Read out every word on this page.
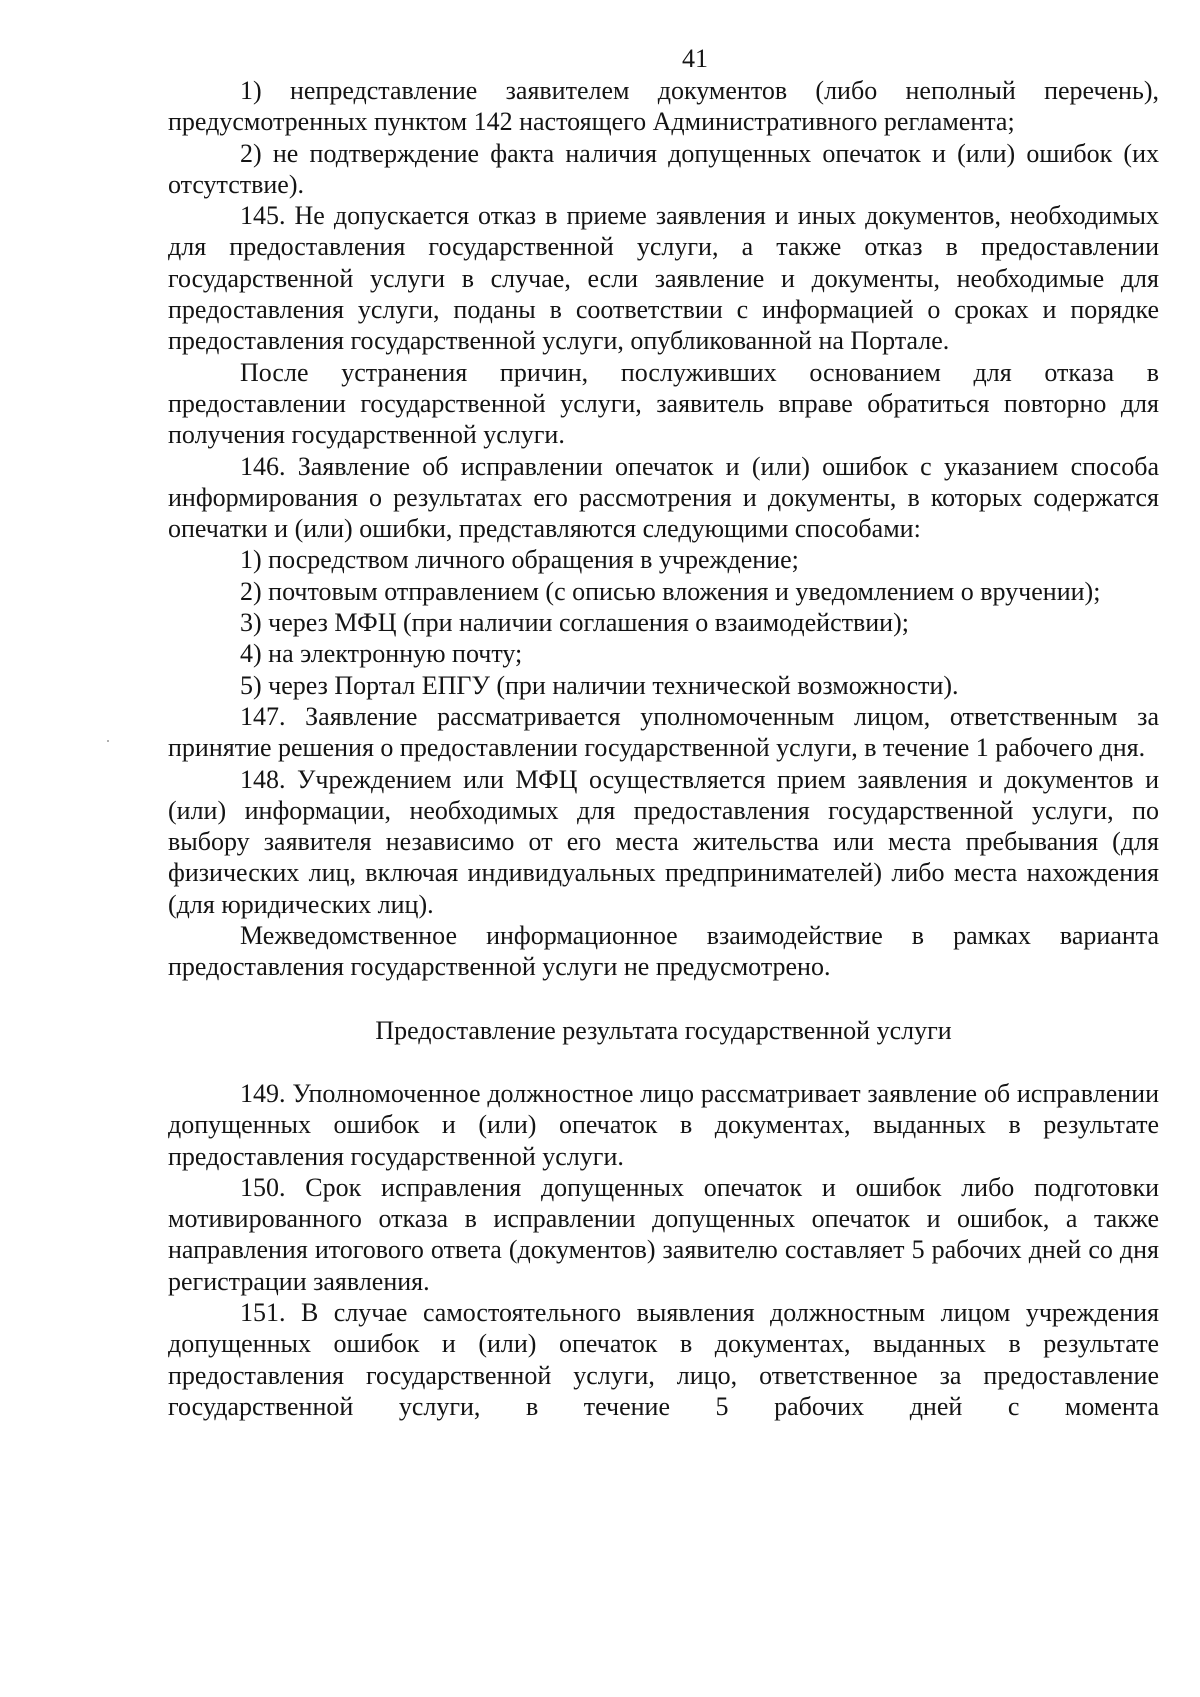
41

1) непредставление заявителем документов (либо неполный перечень), предусмотренных пунктом 142 настоящего Административного регламента;

2) не подтверждение факта наличия допущенных опечаток и (или) ошибок (их отсутствие).

145. Не допускается отказ в приеме заявления и иных документов, необходимых для предоставления государственной услуги, а также отказ в предоставлении государственной услуги в случае, если заявление и документы, необходимые для предоставления услуги, поданы в соответствии с информацией о сроках и порядке предоставления государственной услуги, опубликованной на Портале.

После устранения причин, послуживших основанием для отказа в предоставлении государственной услуги, заявитель вправе обратиться повторно для получения государственной услуги.

146. Заявление об исправлении опечаток и (или) ошибок с указанием способа информирования о результатах его рассмотрения и документы, в которых содержатся опечатки и (или) ошибки, представляются следующими способами:

1) посредством личного обращения в учреждение;

2) почтовым отправлением (с описью вложения и уведомлением о вручении);

3) через МФЦ (при наличии соглашения о взаимодействии);

4) на электронную почту;

5) через Портал ЕПГУ (при наличии технической возможности).

147. Заявление рассматривается уполномоченным лицом, ответственным за принятие решения о предоставлении государственной услуги, в течение 1 рабочего дня.

148. Учреждением или МФЦ осуществляется прием заявления и документов и (или) информации, необходимых для предоставления государственной услуги, по выбору заявителя независимо от его места жительства или места пребывания (для физических лиц, включая индивидуальных предпринимателей) либо места нахождения (для юридических лиц).

Межведомственное информационное взаимодействие в рамках варианта предоставления государственной услуги не предусмотрено.

Предоставление результата государственной услуги

149. Уполномоченное должностное лицо рассматривает заявление об исправлении допущенных ошибок и (или) опечаток в документах, выданных в результате предоставления государственной услуги.

150. Срок исправления допущенных опечаток и ошибок либо подготовки мотивированного отказа в исправлении допущенных опечаток и ошибок, а также направления итогового ответа (документов) заявителю составляет 5 рабочих дней со дня регистрации заявления.

151. В случае самостоятельного выявления должностным лицом учреждения допущенных ошибок и (или) опечаток в документах, выданных в результате предоставления государственной услуги, лицо, ответственное за предоставление государственной услуги, в течение 5 рабочих дней с момента
